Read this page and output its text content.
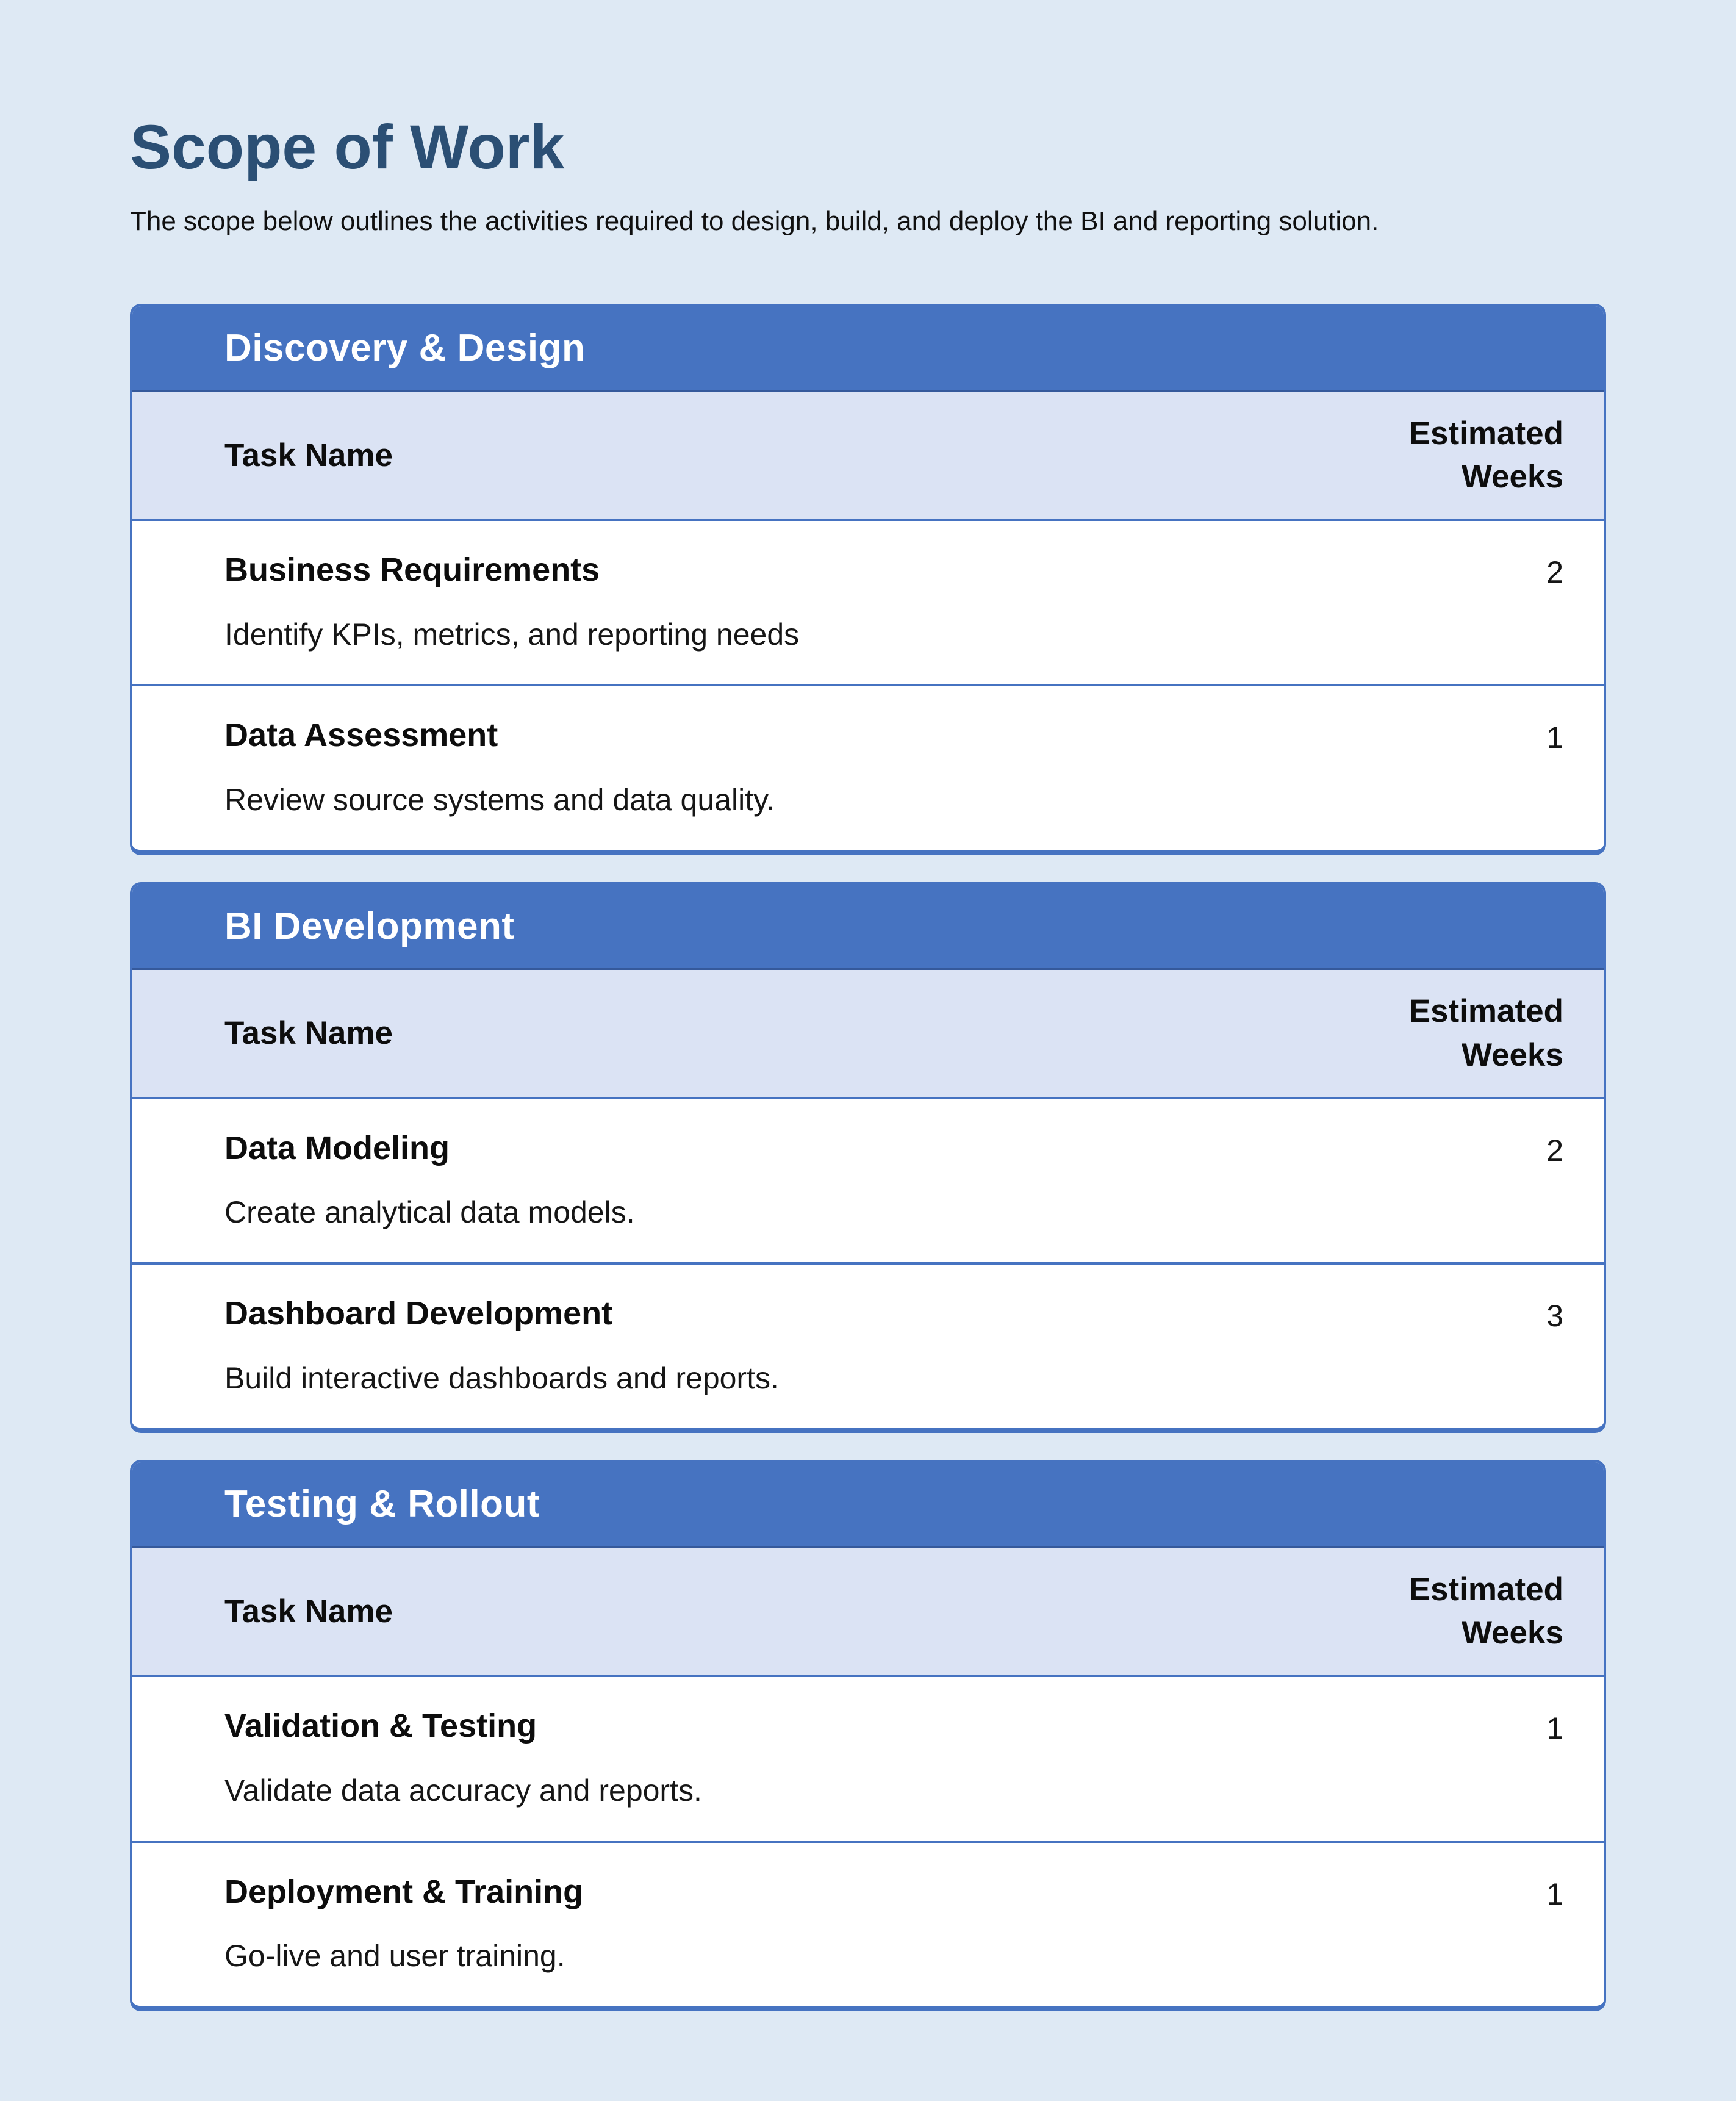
Scope of Work

The scope below outlines the activities required to design, build, and deploy the BI and reporting solution.

Discovery & Design
Task Name
Estimated Weeks

Business Requirements

Identify KPIs, metrics, and reporting needs

2

Data Assessment

Review source systems and data quality.

1
BI Development
Task Name
Estimated Weeks

Data Modeling

Create analytical data models.

2

Dashboard Development

Build interactive dashboards and reports.

3
Testing & Rollout
Task Name
Estimated Weeks

Validation & Testing

Validate data accuracy and reports.

1

Deployment & Training

Go-live and user training.

1
